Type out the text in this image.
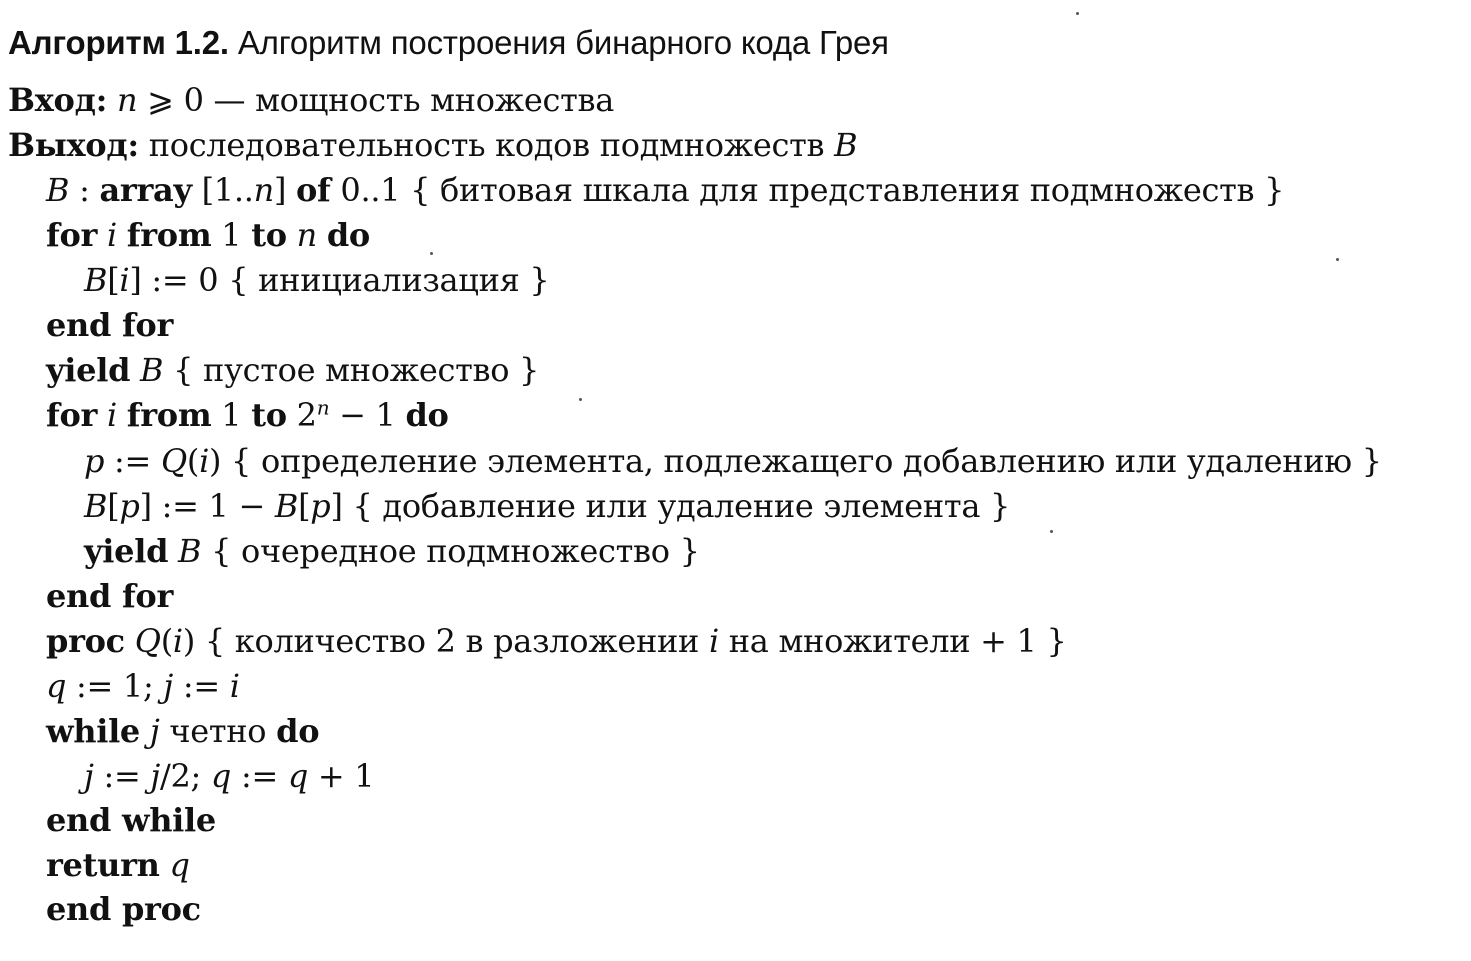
Алгоритм 1.2. Алгоритм построения бинарного кода Грея
Вход: n ⩾ 0 — мощность множества
Выход: последовательность кодов подмножеств B
B : array [1..n] of 0..1 { битовая шкала для представления подмножеств }
for i from 1 to n do
B[i] := 0 { инициализация }
end for
yield B { пустое множество }
for i from 1 to $2^n - 1$ do
p := Q(i) { определение элемента, подлежащего добавлению или удалению }
B[p] := 1 − B[p] { добавление или удаление элемента }
yield B { очередное подмножество }
end for
proc Q(i) { количество 2 в разложении i на множители + 1 }
q := 1; j := i
while j четно do
j := j/2; q := q + 1
end while
return q
end proc
